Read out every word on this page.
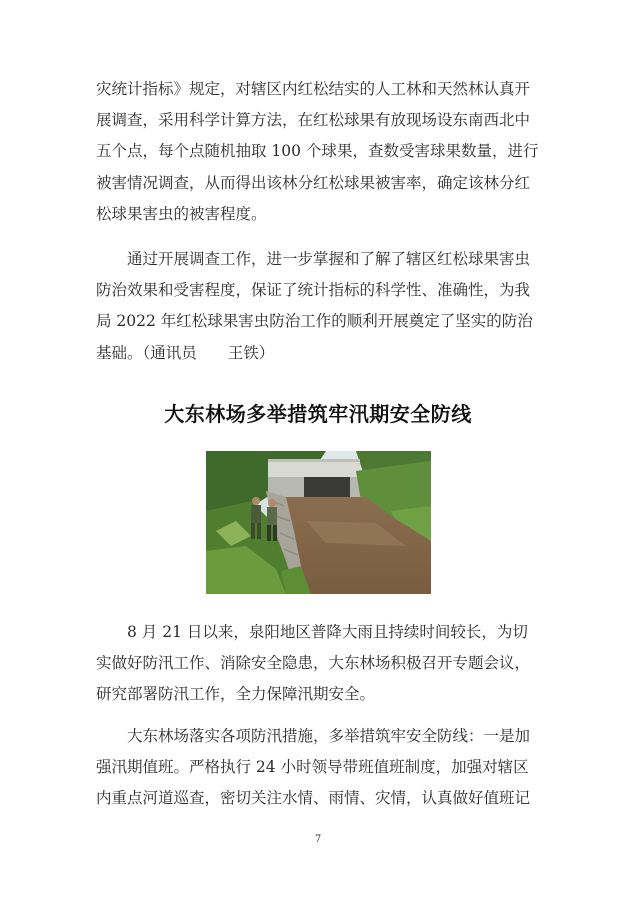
灾统计指标》规定，对辖区内红松结实的人工林和天然林认真开
展调查，采用科学计算方法，在红松球果有放现场设东南西北中
五个点，每个点随机抽取 100 个球果，查数受害球果数量，进行
被害情况调查，从而得出该林分红松球果被害率，确定该林分红
松球果害虫的被害程度。

　　通过开展调查工作，进一步掌握和了解了辖区红松球果害虫
防治效果和受害程度，保证了统计指标的科学性、准确性，为我
局 2022 年红松球果害虫防治工作的顺利开展奠定了坚实的防治
基础。（通讯员　　王铁）

大东林场多举措筑牢汛期安全防线

　　8 月 21 日以来，泉阳地区普降大雨且持续时间较长，为切
实做好防汛工作、消除安全隐患，大东林场积极召开专题会议，
研究部署防汛工作，全力保障汛期安全。

　　大东林场落实各项防汛措施，多举措筑牢安全防线：一是加
强汛期值班。严格执行 24 小时领导带班值班制度，加强对辖区
内重点河道巡查，密切关注水情、雨情、灾情，认真做好值班记

7
